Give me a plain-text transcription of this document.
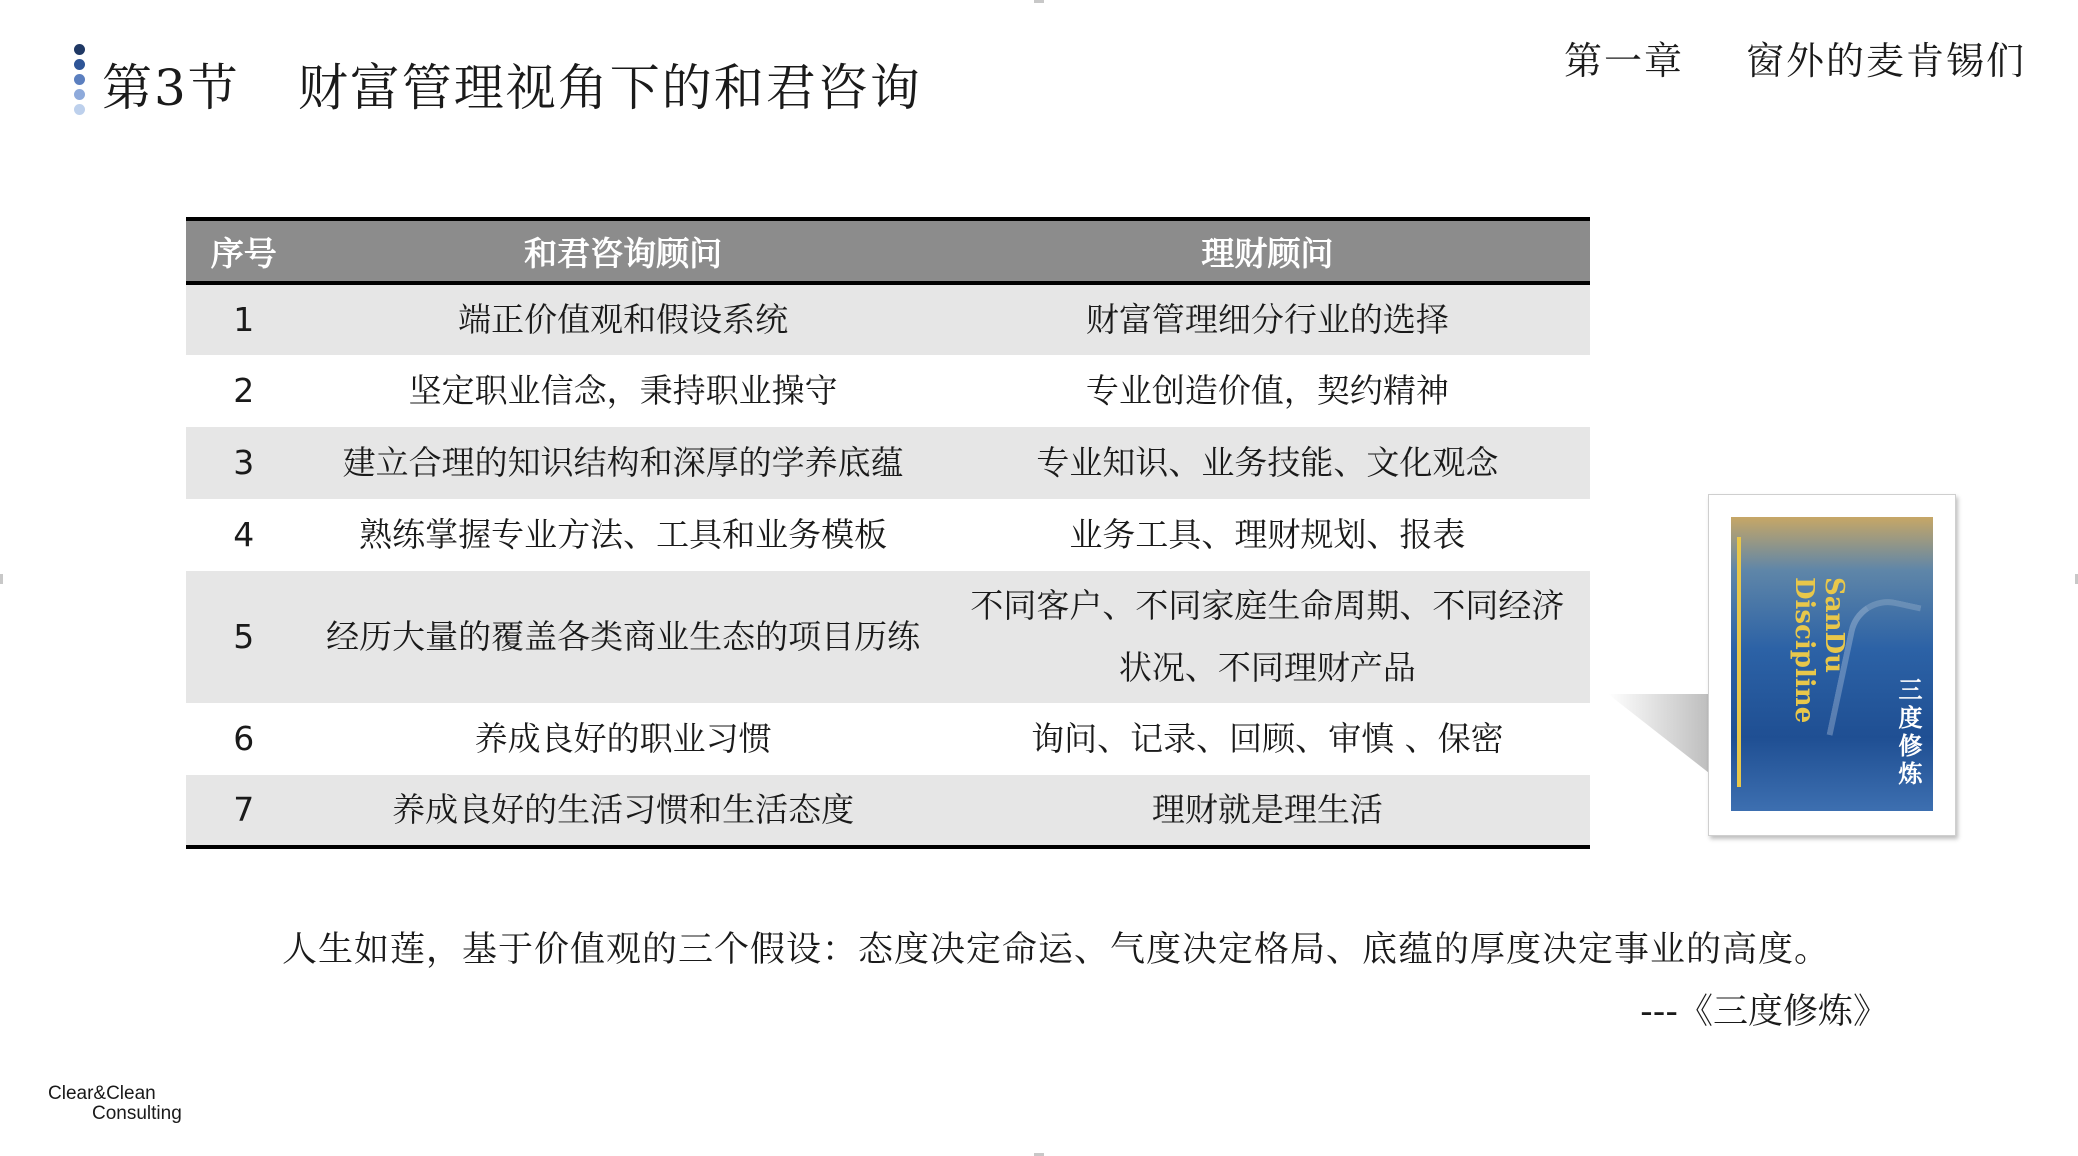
第3节 财富管理视角下的和君咨询	第一章 窗外的麦肯锡们
序号	和君咨询顾问	理财顾问
1	端正价值观和假设系统	财富管理细分行业的选择
2	坚定职业信念，秉持职业操守	专业创造价值，契约精神
3	建立合理的知识结构和深厚的学养底蕴	专业知识、业务技能、文化观念
4	熟练掌握专业方法、工具和业务模板	业务工具、理财规划、报表
5	经历大量的覆盖各类商业生态的项目历练	不同客户、不同家庭生命周期、不同经济状况、不同理财产品
6	养成良好的职业习惯	询问、记录、回顾、审慎 、保密
7	养成良好的生活习惯和生活态度	理财就是理生活
SanDu Discipline
三度修炼
人生如莲，基于价值观的三个假设：态度决定命运、气度决定格局、底蕴的厚度决定事业的高度。
---《三度修炼》
Clear&Clean
Consulting
